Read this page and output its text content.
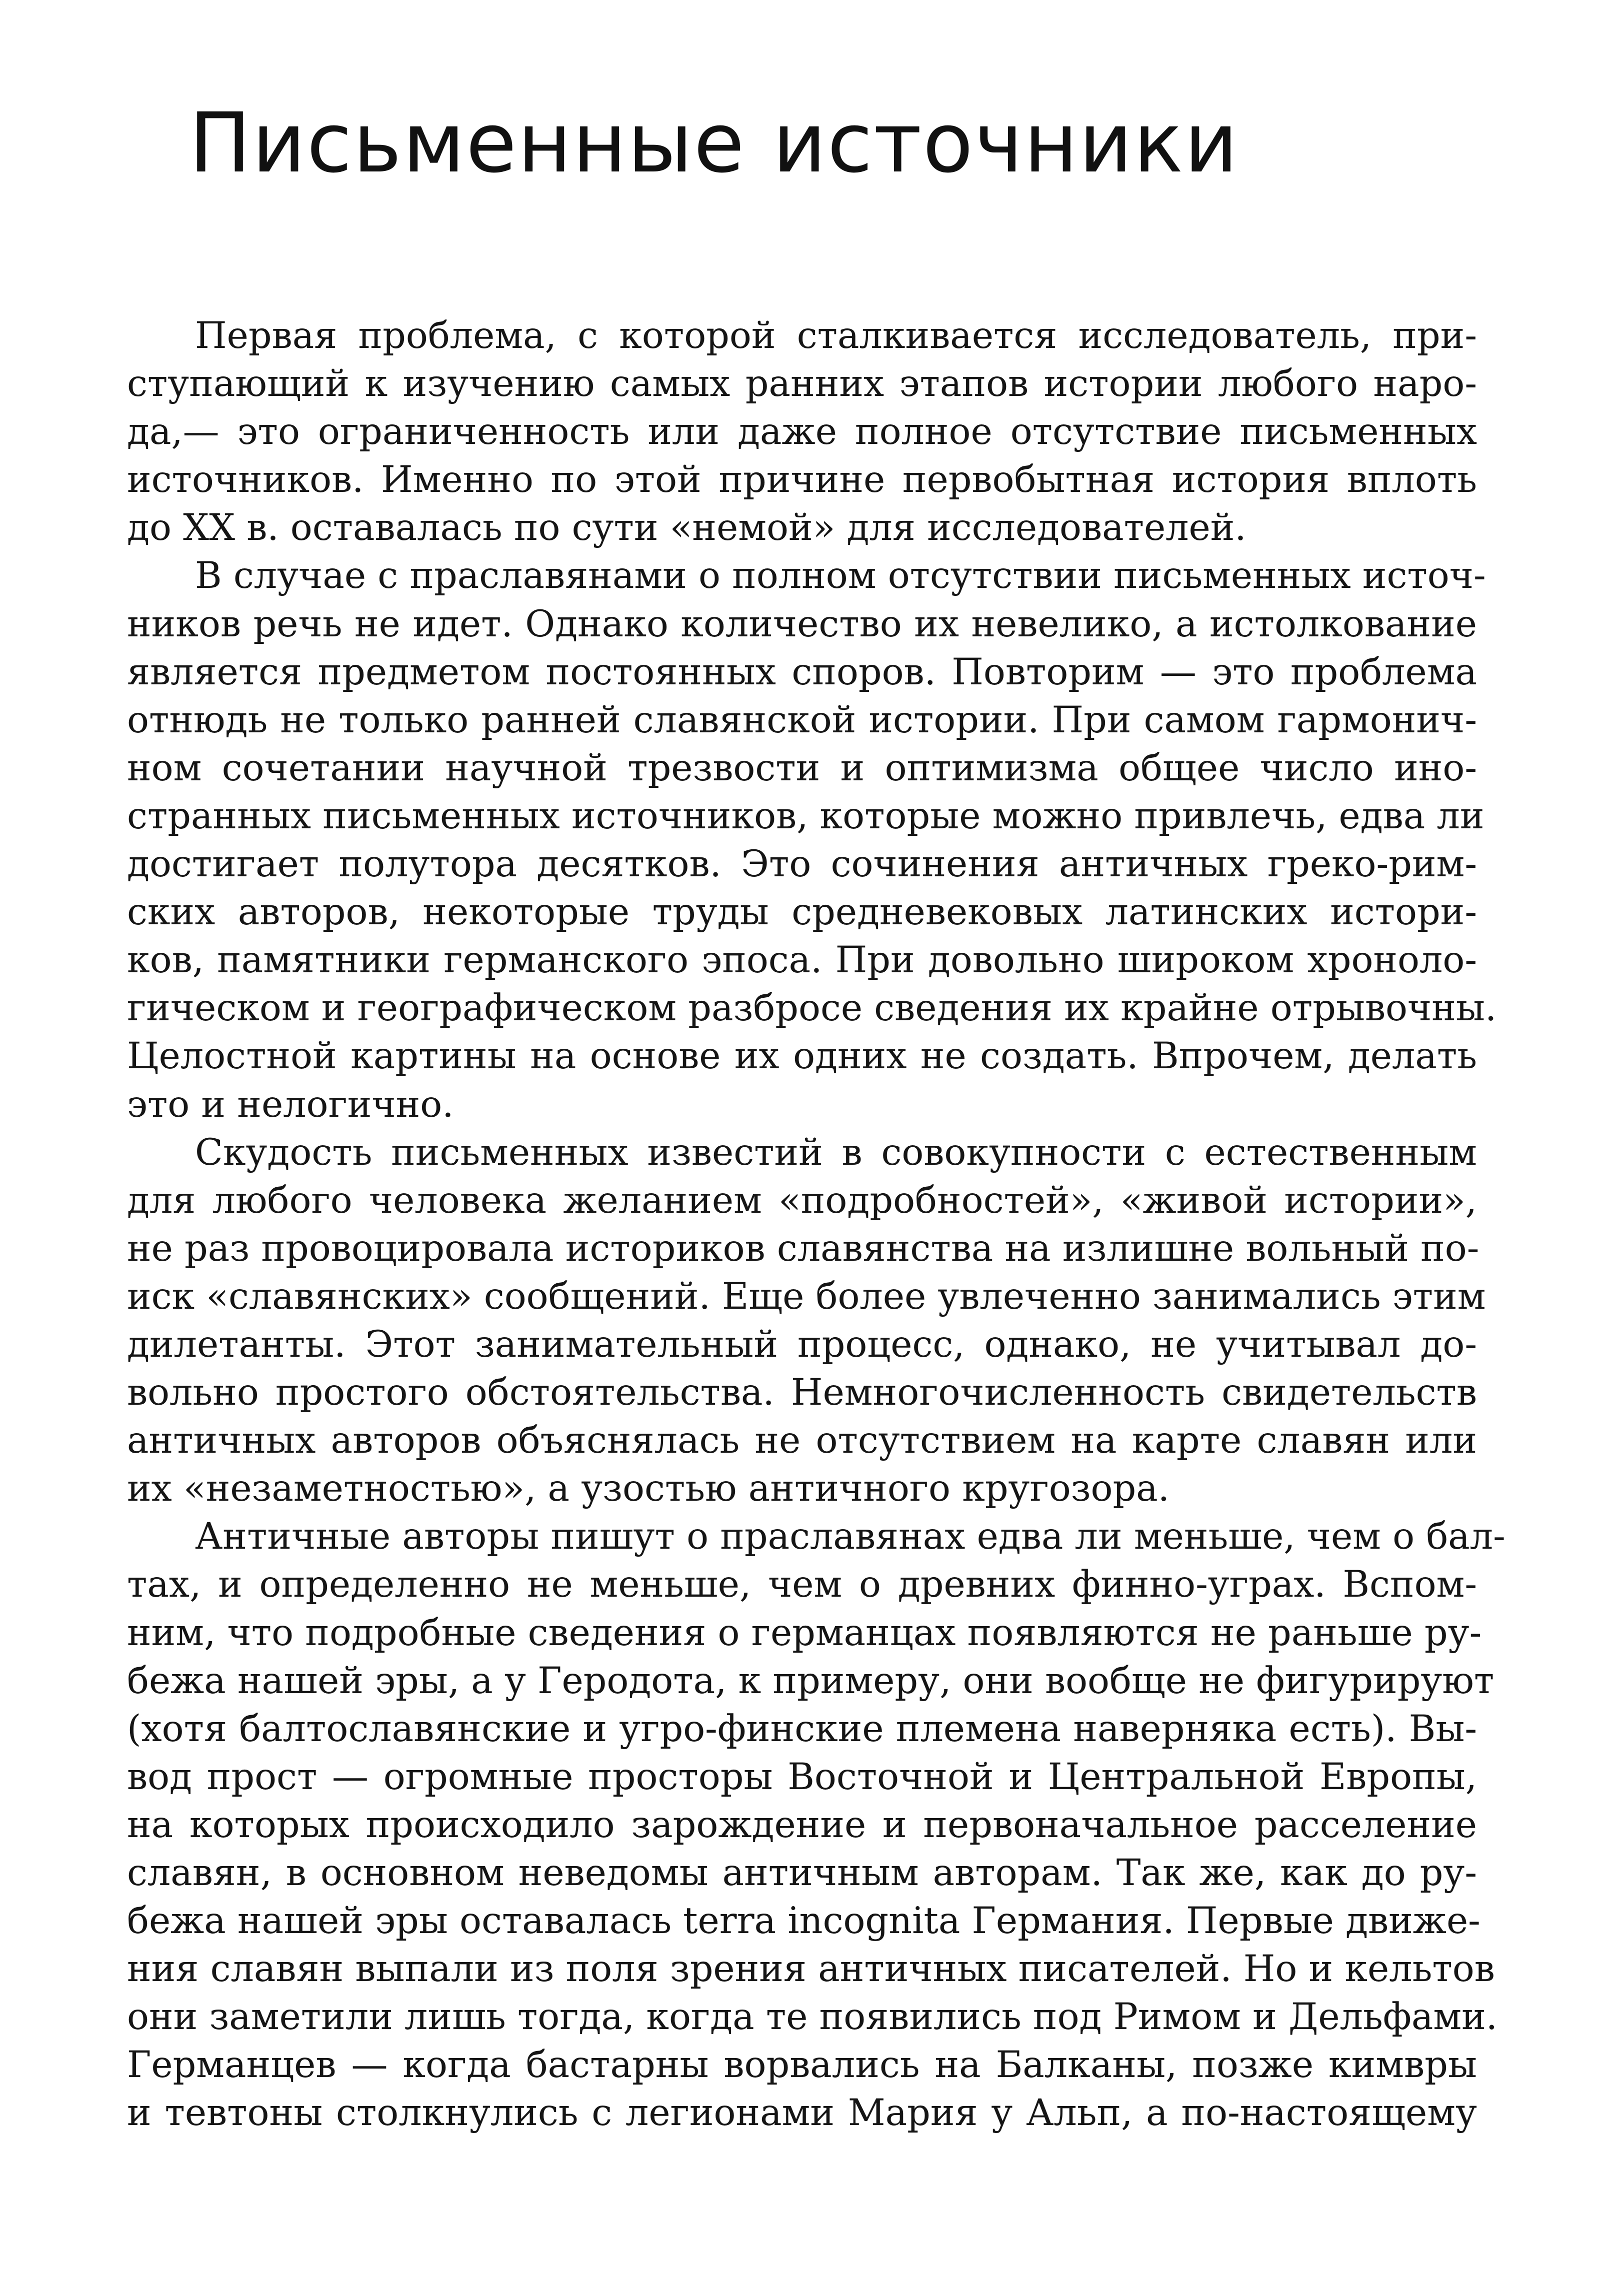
Письменные источники
Первая проблема, с которой сталкивается исследователь, при-
ступающий к изучению самых ранних этапов истории любого наро-
да,— это ограниченность или даже полное отсутствие письменных
источников. Именно по этой причине первобытная история вплоть
до XX в. оставалась по сути «немой» для исследователей.
В случае с праславянами о полном отсутствии письменных источ-
ников речь не идет. Однако количество их невелико, а истолкование
является предметом постоянных споров. Повторим — это проблема
отнюдь не только ранней славянской истории. При самом гармонич-
ном сочетании научной трезвости и оптимизма общее число ино-
странных письменных источников, которые можно привлечь, едва ли
достигает полутора десятков. Это сочинения античных греко-рим-
ских авторов, некоторые труды средневековых латинских истори-
ков, памятники германского эпоса. При довольно широком хроноло-
гическом и географическом разбросе сведения их крайне отрывочны.
Целостной картины на основе их одних не создать. Впрочем, делать
это и нелогично.
Скудость письменных известий в совокупности с естественным
для любого человека желанием «подробностей», «живой истории»,
не раз провоцировала историков славянства на излишне вольный по-
иск «славянских» сообщений. Еще более увлеченно занимались этим
дилетанты. Этот занимательный процесс, однако, не учитывал до-
вольно простого обстоятельства. Немногочисленность свидетельств
античных авторов объяснялась не отсутствием на карте славян или
их «незаметностью», а узостью античного кругозора.
Античные авторы пишут о праславянах едва ли меньше, чем о бал-
тах, и определенно не меньше, чем о древних финно-уграх. Вспом-
ним, что подробные сведения о германцах появляются не раньше ру-
бежа нашей эры, а у Геродота, к примеру, они вообще не фигурируют
(хотя балтославянские и угро-финские племена наверняка есть). Вы-
вод прост — огромные просторы Восточной и Центральной Европы,
на которых происходило зарождение и первоначальное расселение
славян, в основном неведомы античным авторам. Так же, как до ру-
бежа нашей эры оставалась terra incognita Германия. Первые движе-
ния славян выпали из поля зрения античных писателей. Но и кельтов
они заметили лишь тогда, когда те появились под Римом и Дельфами.
Германцев — когда бастарны ворвались на Балканы, позже кимвры
и тевтоны столкнулись с легионами Мария у Альп, а по-настоящему
